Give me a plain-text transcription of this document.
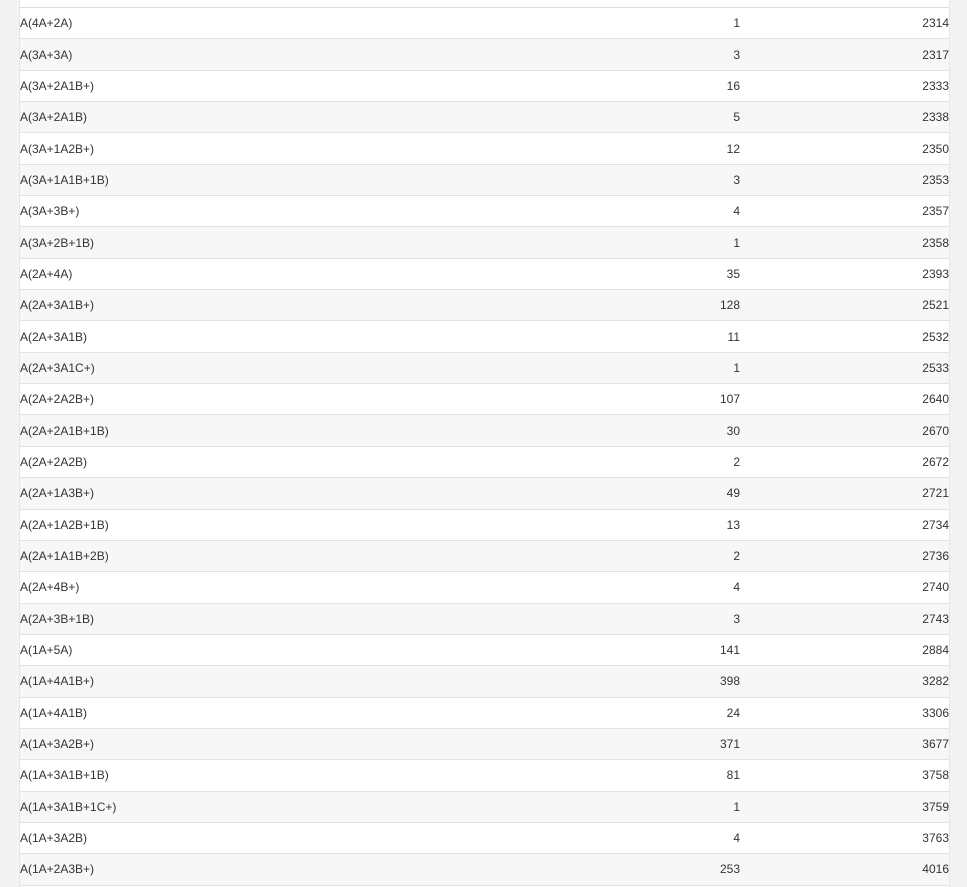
A(4A+2A)	1	2314
A(3A+3A)	3	2317
A(3A+2A1B+)	16	2333
A(3A+2A1B)	5	2338
A(3A+1A2B+)	12	2350
A(3A+1A1B+1B)	3	2353
A(3A+3B+)	4	2357
A(3A+2B+1B)	1	2358
A(2A+4A)	35	2393
A(2A+3A1B+)	128	2521
A(2A+3A1B)	11	2532
A(2A+3A1C+)	1	2533
A(2A+2A2B+)	107	2640
A(2A+2A1B+1B)	30	2670
A(2A+2A2B)	2	2672
A(2A+1A3B+)	49	2721
A(2A+1A2B+1B)	13	2734
A(2A+1A1B+2B)	2	2736
A(2A+4B+)	4	2740
A(2A+3B+1B)	3	2743
A(1A+5A)	141	2884
A(1A+4A1B+)	398	3282
A(1A+4A1B)	24	3306
A(1A+3A2B+)	371	3677
A(1A+3A1B+1B)	81	3758
A(1A+3A1B+1C+)	1	3759
A(1A+3A2B)	4	3763
A(1A+2A3B+)	253	4016
